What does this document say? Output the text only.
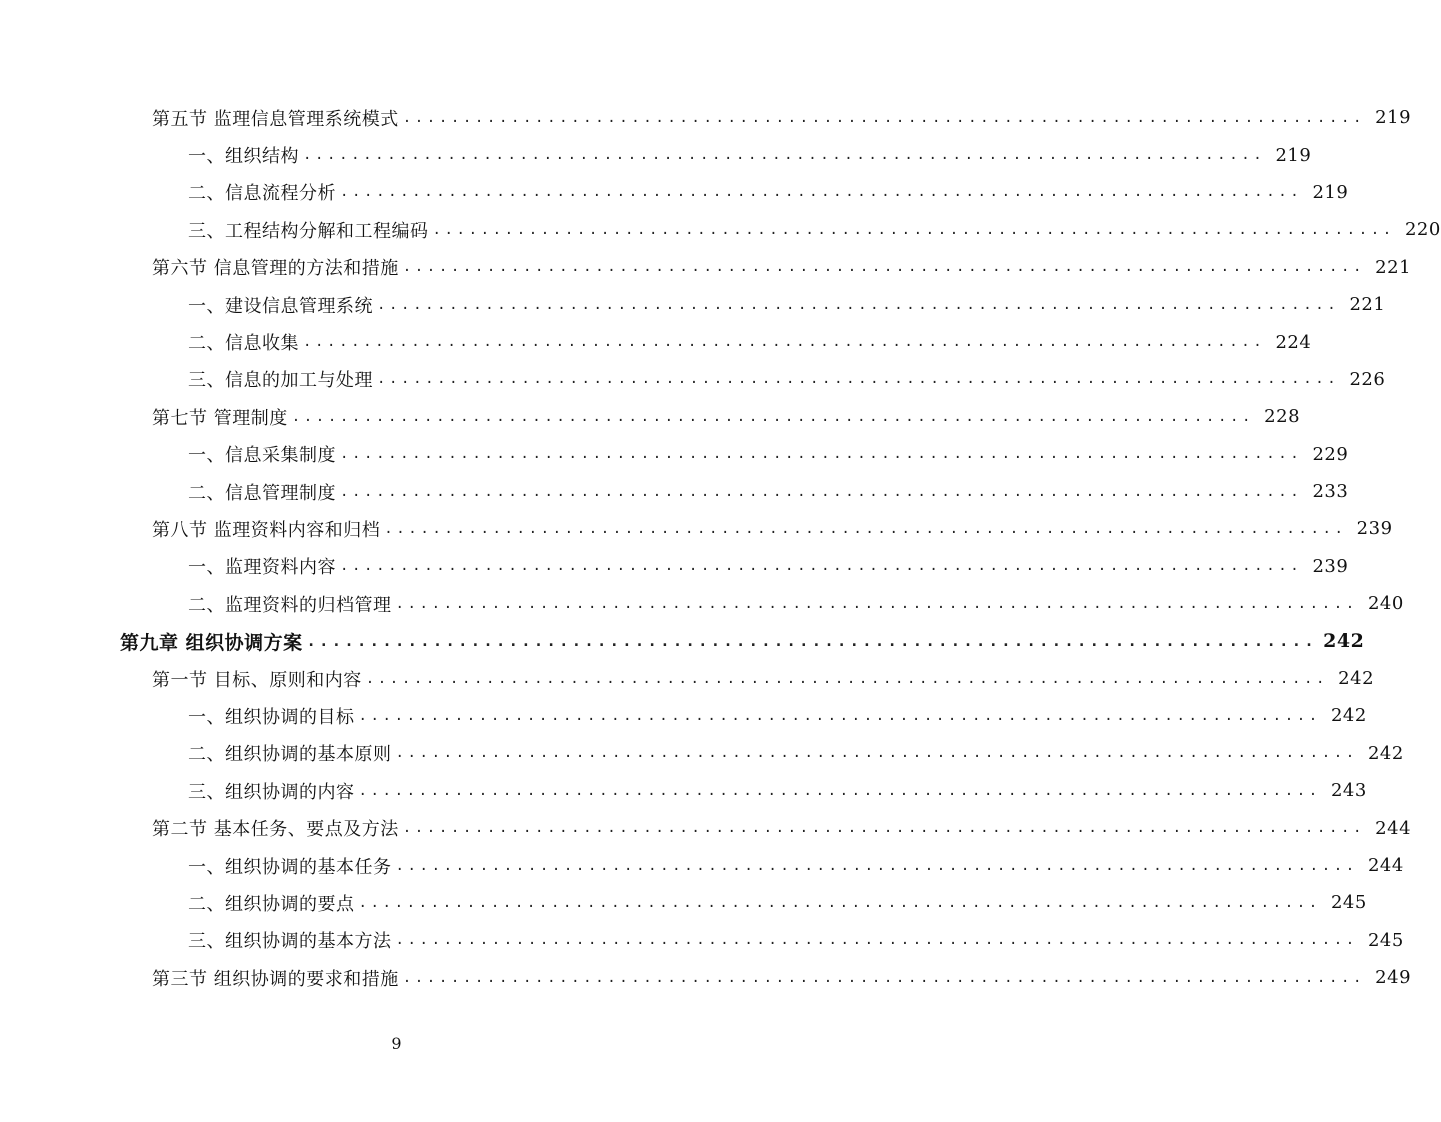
第五节 监理信息管理系统模式 ................................................................................ 219
一、组织结构 ................................................................................ 219
二、信息流程分析 ................................................................................ 219
三、工程结构分解和工程编码 ................................................................................ 220
第六节 信息管理的方法和措施 ................................................................................ 221
一、建设信息管理系统 ................................................................................ 221
二、信息收集 ................................................................................ 224
三、信息的加工与处理 ................................................................................ 226
第七节 管理制度 ................................................................................ 228
一、信息采集制度 ................................................................................ 229
二、信息管理制度 ................................................................................ 233
第八节 监理资料内容和归档 ................................................................................ 239
一、监理资料内容 ................................................................................ 239
二、监理资料的归档管理 ................................................................................ 240
第九章 组织协调方案 ................................................................................ 242
第一节 目标、原则和内容 ................................................................................ 242
一、组织协调的目标 ................................................................................ 242
二、组织协调的基本原则 ................................................................................ 242
三、组织协调的内容 ................................................................................ 243
第二节 基本任务、要点及方法 ................................................................................ 244
一、组织协调的基本任务 ................................................................................ 244
二、组织协调的要点 ................................................................................ 245
三、组织协调的基本方法 ................................................................................ 245
第三节 组织协调的要求和措施 ................................................................................ 249
9
